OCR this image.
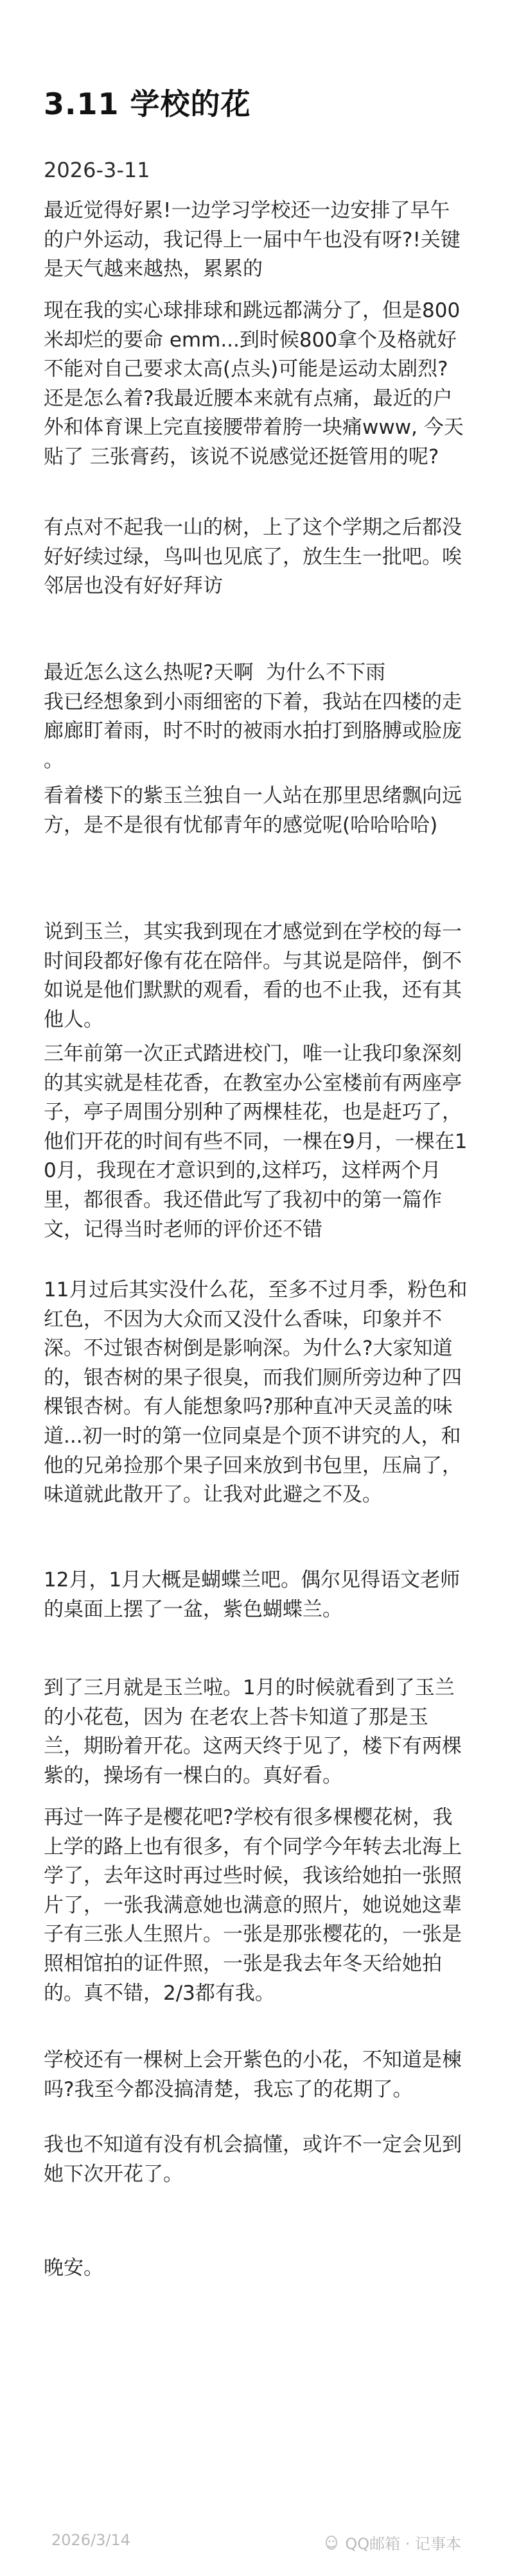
3.11 学校的花

2026-3-11

最近觉得好累!一边学习学校还一边安排了早午的户外运动，我记得上一届中午也没有呀?!关键是天气越来越热，累累的

现在我的实心球排球和跳远都满分了，但是800米却烂的要命 emm...到时候800拿个及格就好不能对自己要求太高(点头)可能是运动太剧烈?还是怎么着?我最近腰本来就有点痛，最近的户外和体育课上完直接腰带着胯一块痛www, 今天贴了 三张膏药，该说不说感觉还挺管用的呢?

有点对不起我一山的树，上了这个学期之后都没好好续过绿，鸟叫也见底了，放生生一批吧。唉邻居也没有好好拜访

最近怎么这么热呢?天啊  为什么不下雨
我已经想象到小雨细密的下着，我站在四楼的走廊廊盯着雨，时不时的被雨水拍打到胳膊或脸庞 。

看着楼下的紫玉兰独自一人站在那里思绪飘向远方，是不是很有忧郁青年的感觉呢(哈哈哈哈)

说到玉兰，其实我到现在才感觉到在学校的每一时间段都好像有花在陪伴。与其说是陪伴，倒不如说是他们默默的观看，看的也不止我，还有其他人。

三年前第一次正式踏进校门，唯一让我印象深刻的其实就是桂花香，在教室办公室楼前有两座亭子，亭子周围分别种了两棵桂花，也是赶巧了，他们开花的时间有些不同，一棵在9月，一棵在10月，我现在才意识到的,这样巧，这样两个月里，都很香。我还借此写了我初中的第一篇作文，记得当时老师的评价还不错

11月过后其实没什么花，至多不过月季，粉色和红色，不因为大众而又没什么香味，印象并不深。不过银杏树倒是影响深。为什么?大家知道的，银杏树的果子很臭，而我们厕所旁边种了四棵银杏树。有人能想象吗?那种直冲天灵盖的味道...初一时的第一位同桌是个顶不讲究的人，和他的兄弟捡那个果子回来放到书包里，压扁了，味道就此散开了。让我对此避之不及。

12月，1月大概是蝴蝶兰吧。偶尔见得语文老师的桌面上摆了一盆，紫色蝴蝶兰。

到了三月就是玉兰啦。1月的时候就看到了玉兰的小花苞，因为 在老农上荅卡知道了那是玉兰，期盼着开花。这两天终于见了，楼下有两棵紫的，操场有一棵白的。真好看。

再过一阵子是樱花吧?学校有很多棵樱花树，我上学的路上也有很多，有个同学今年转去北海上学了，去年这时再过些时候，我该给她拍一张照片了，一张我满意她也满意的照片，她说她这辈子有三张人生照片。一张是那张樱花的，一张是照相馆拍的证件照，一张是我去年冬天给她拍的。真不错，2/3都有我。

学校还有一棵树上会开紫色的小花，不知道是楝吗?我至今都没搞清楚，我忘了的花期了。

我也不知道有没有机会搞懂，或许不一定会见到她下次开花了。

晚安。

2026/3/14	QQ邮箱 · 记事本
